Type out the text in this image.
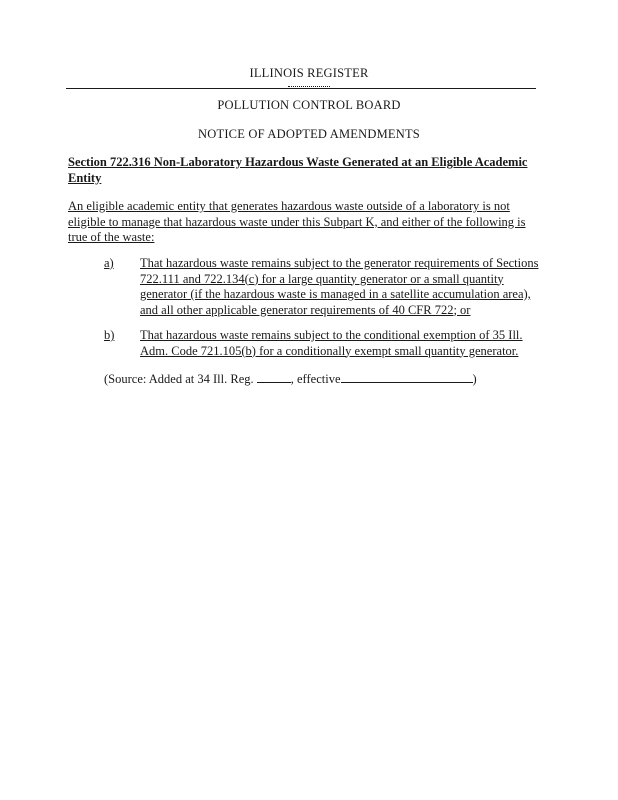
ILLINOIS REGISTER
POLLUTION CONTROL BOARD
NOTICE OF ADOPTED AMENDMENTS
Section 722.316 Non-Laboratory Hazardous Waste Generated at an Eligible Academic Entity
An eligible academic entity that generates hazardous waste outside of a laboratory is not eligible to manage that hazardous waste under this Subpart K, and either of the following is true of the waste:
a) That hazardous waste remains subject to the generator requirements of Sections 722.111 and 722.134(c) for a large quantity generator or a small quantity generator (if the hazardous waste is managed in a satellite accumulation area), and all other applicable generator requirements of 40 CFR 722; or
b) That hazardous waste remains subject to the conditional exemption of 35 Ill. Adm. Code 721.105(b) for a conditionally exempt small quantity generator.
(Source: Added at 34 Ill. Reg.	, effective	)
